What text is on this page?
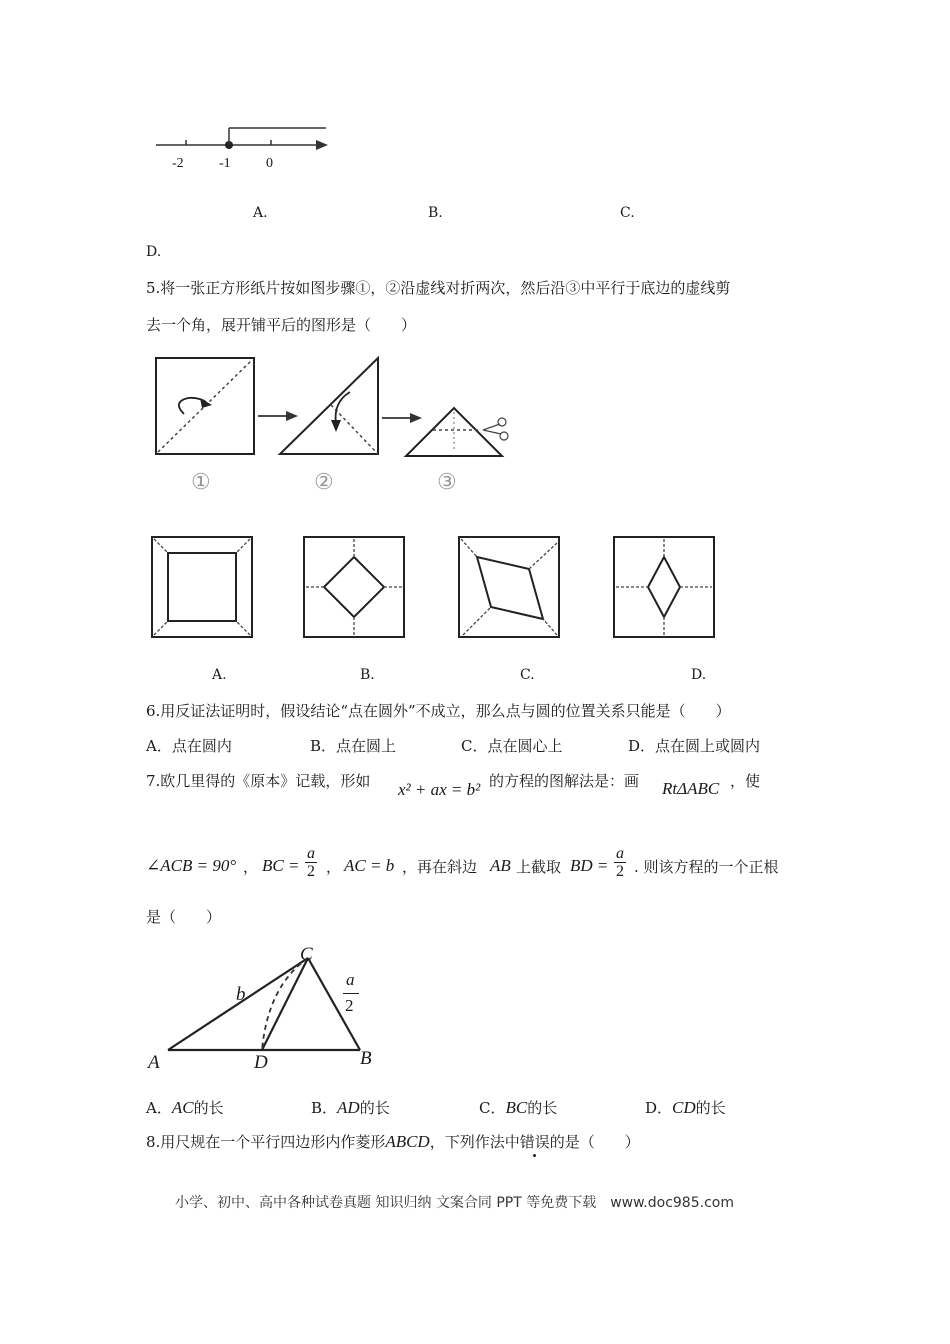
-2	-1	0
A.	B.	C.
D.
5.将一张正方形纸片按如图步骤①，②沿虚线对折两次，然后沿③中平行于底边的虚线剪
去一个角，展开铺平后的图形是（　　）
①	②	③
A.	B.	C.	D.
6.用反证法证明时，假设结论“点在圆外”不成立，那么点与圆的位置关系只能是（　　）
A．点在圆内	B．点在圆上	C．点在圆心上	D．点在圆上或圆内
7.欧几里得的《原本》记载，形如 x² + ax = b² 的方程的图解法是：画 RtΔABC ，使
∠ACB = 90° ， BC = $\frac{a}{2}$ ， AC = b ，再在斜边 AB 上截取 BD = $\frac{a}{2}$ . 则该方程的一个正根
是（　　）
C
b
a
2
A	D	B
A．AC的长	B．AD的长	C．BC的长	D．CD的长
8.用尺规在一个平行四边形内作菱形ABCD，下列作法中错误的是（　　）
小学、初中、高中各种试卷真题 知识归纳 文案合同 PPT 等免费下载　www.doc985.com
